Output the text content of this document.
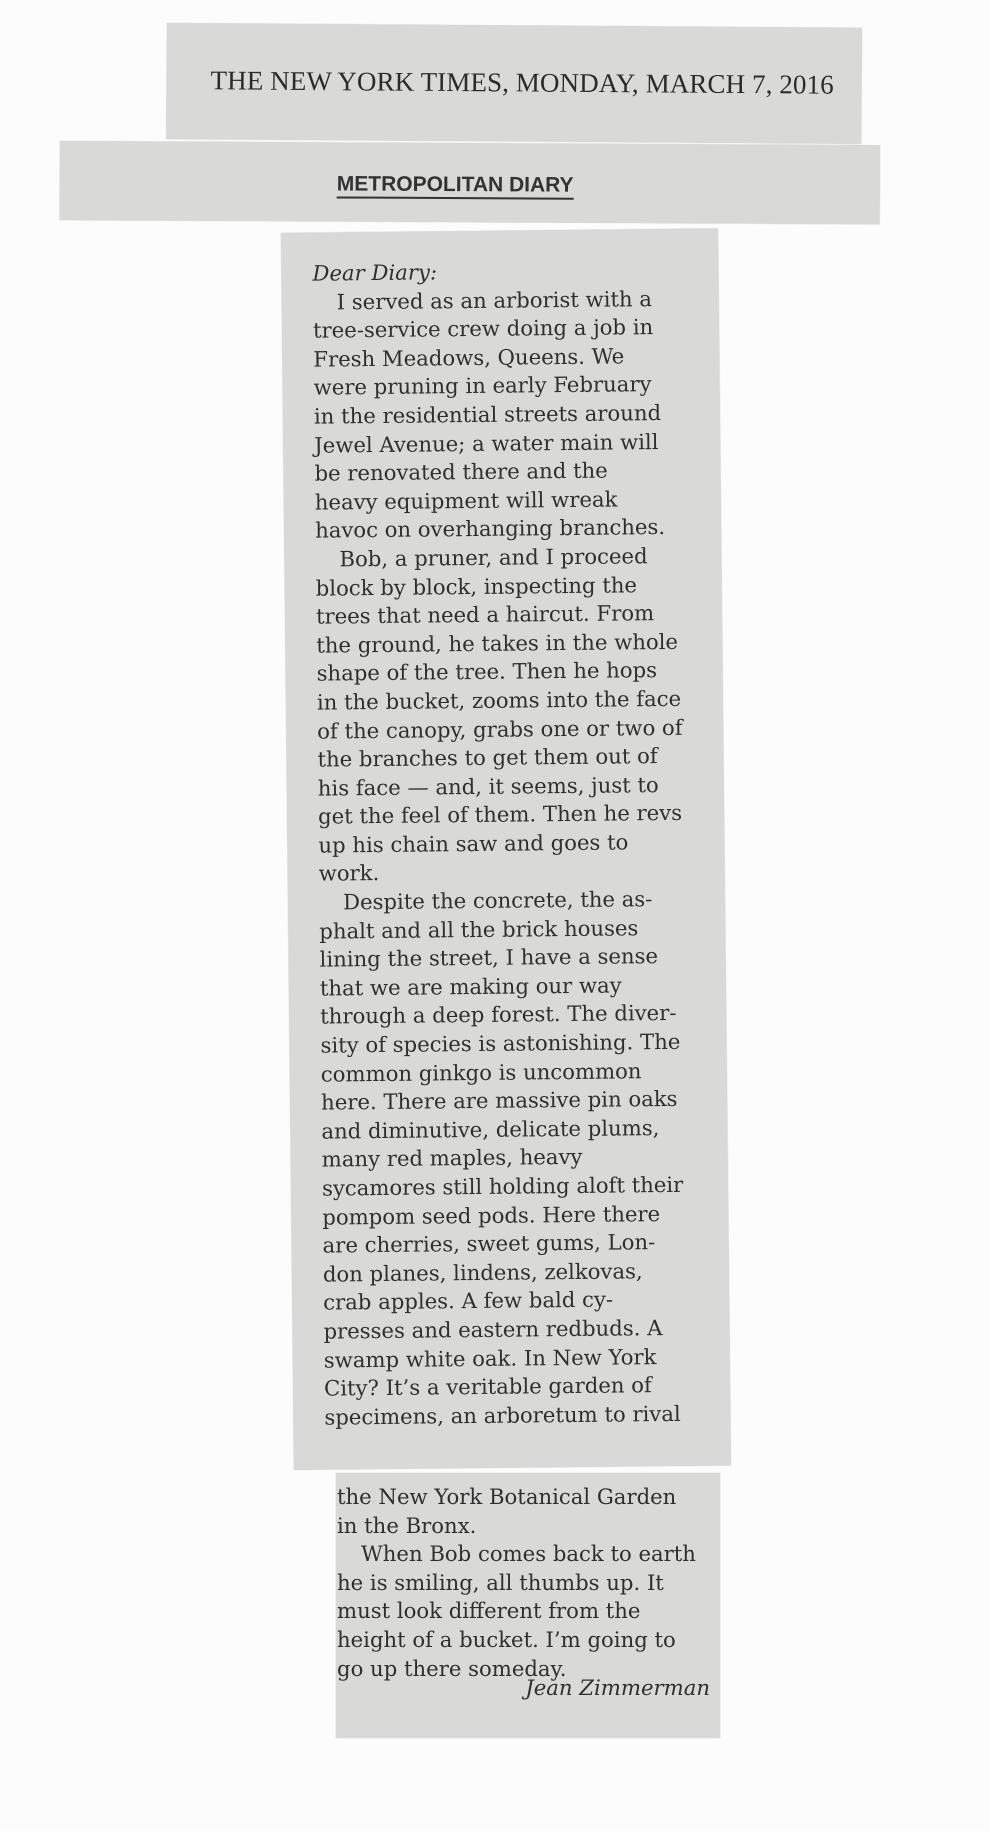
THE NEW YORK TIMES, MONDAY, MARCH 7, 2016
METROPOLITAN DIARY
Dear Diary:
I served as an arborist with a
tree-service crew doing a job in
Fresh Meadows, Queens. We
were pruning in early February
in the residential streets around
Jewel Avenue; a water main will
be renovated there and the
heavy equipment will wreak
havoc on overhanging branches.
Bob, a pruner, and I proceed
block by block, inspecting the
trees that need a haircut. From
the ground, he takes in the whole
shape of the tree. Then he hops
in the bucket, zooms into the face
of the canopy, grabs one or two of
the branches to get them out of
his face — and, it seems, just to
get the feel of them. Then he revs
up his chain saw and goes to
work.
Despite the concrete, the as-
phalt and all the brick houses
lining the street, I have a sense
that we are making our way
through a deep forest. The diver-
sity of species is astonishing. The
common ginkgo is uncommon
here. There are massive pin oaks
and diminutive, delicate plums,
many red maples, heavy
sycamores still holding aloft their
pompom seed pods. Here there
are cherries, sweet gums, Lon-
don planes, lindens, zelkovas,
crab apples. A few bald cy-
presses and eastern redbuds. A
swamp white oak. In New York
City? It’s a veritable garden of
specimens, an arboretum to rival
the New York Botanical Garden
in the Bronx.
When Bob comes back to earth
he is smiling, all thumbs up. It
must look different from the
height of a bucket. I’m going to
go up there someday.
Jean Zimmerman
